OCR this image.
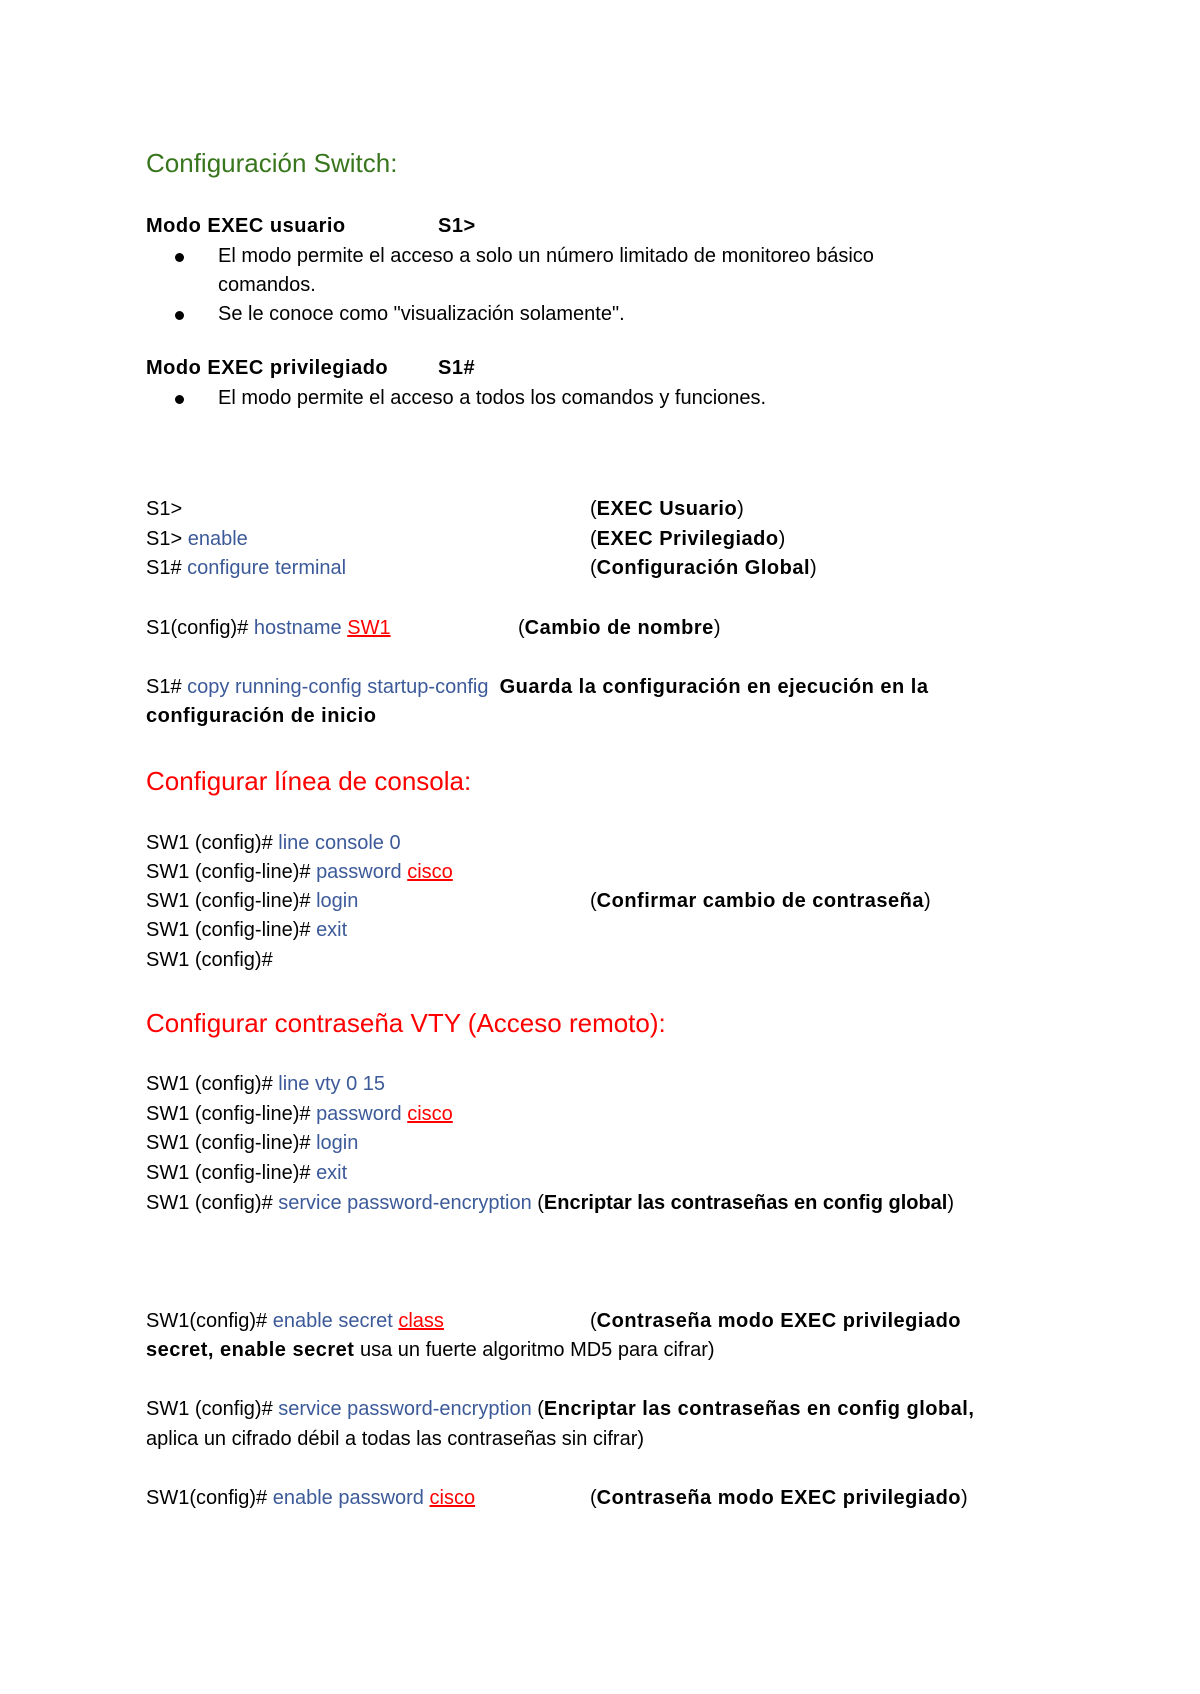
Configuración Switch:
Modo EXEC usuario	S1>
El modo permite el acceso a solo un número limitado de monitoreo básico
comandos.
Se le conoce como "visualización solamente".
Modo EXEC privilegiado S1#
El modo permite el acceso a todos los comandos y funciones.
S1>	(EXEC Usuario)
S1> enable	(EXEC Privilegiado)
S1# configure terminal	(Configuración Global)
S1(config)# hostname SW1	(Cambio de nombre)
S1# copy running-config startup-config Guarda la configuración en ejecución en la
configuración de inicio
Configurar línea de consola:
SW1 (config)# line console 0
SW1 (config-line)# password cisco
SW1 (config-line)# login	(Confirmar cambio de contraseña)
SW1 (config-line)# exit
SW1 (config)#
Configurar contraseña VTY (Acceso remoto):
SW1 (config)# line vty 0 15
SW1 (config-line)# password cisco
SW1 (config-line)# login
SW1 (config-line)# exit
SW1 (config)# service password-encryption (Encriptar las contraseñas en config global)
SW1(config)# enable secret class	(Contraseña modo EXEC privilegiado
secret, enable secret usa un fuerte algoritmo MD5 para cifrar)
SW1 (config)# service password-encryption (Encriptar las contraseñas en config global,
aplica un cifrado débil a todas las contraseñas sin cifrar)
SW1(config)# enable password cisco	(Contraseña modo EXEC privilegiado)
